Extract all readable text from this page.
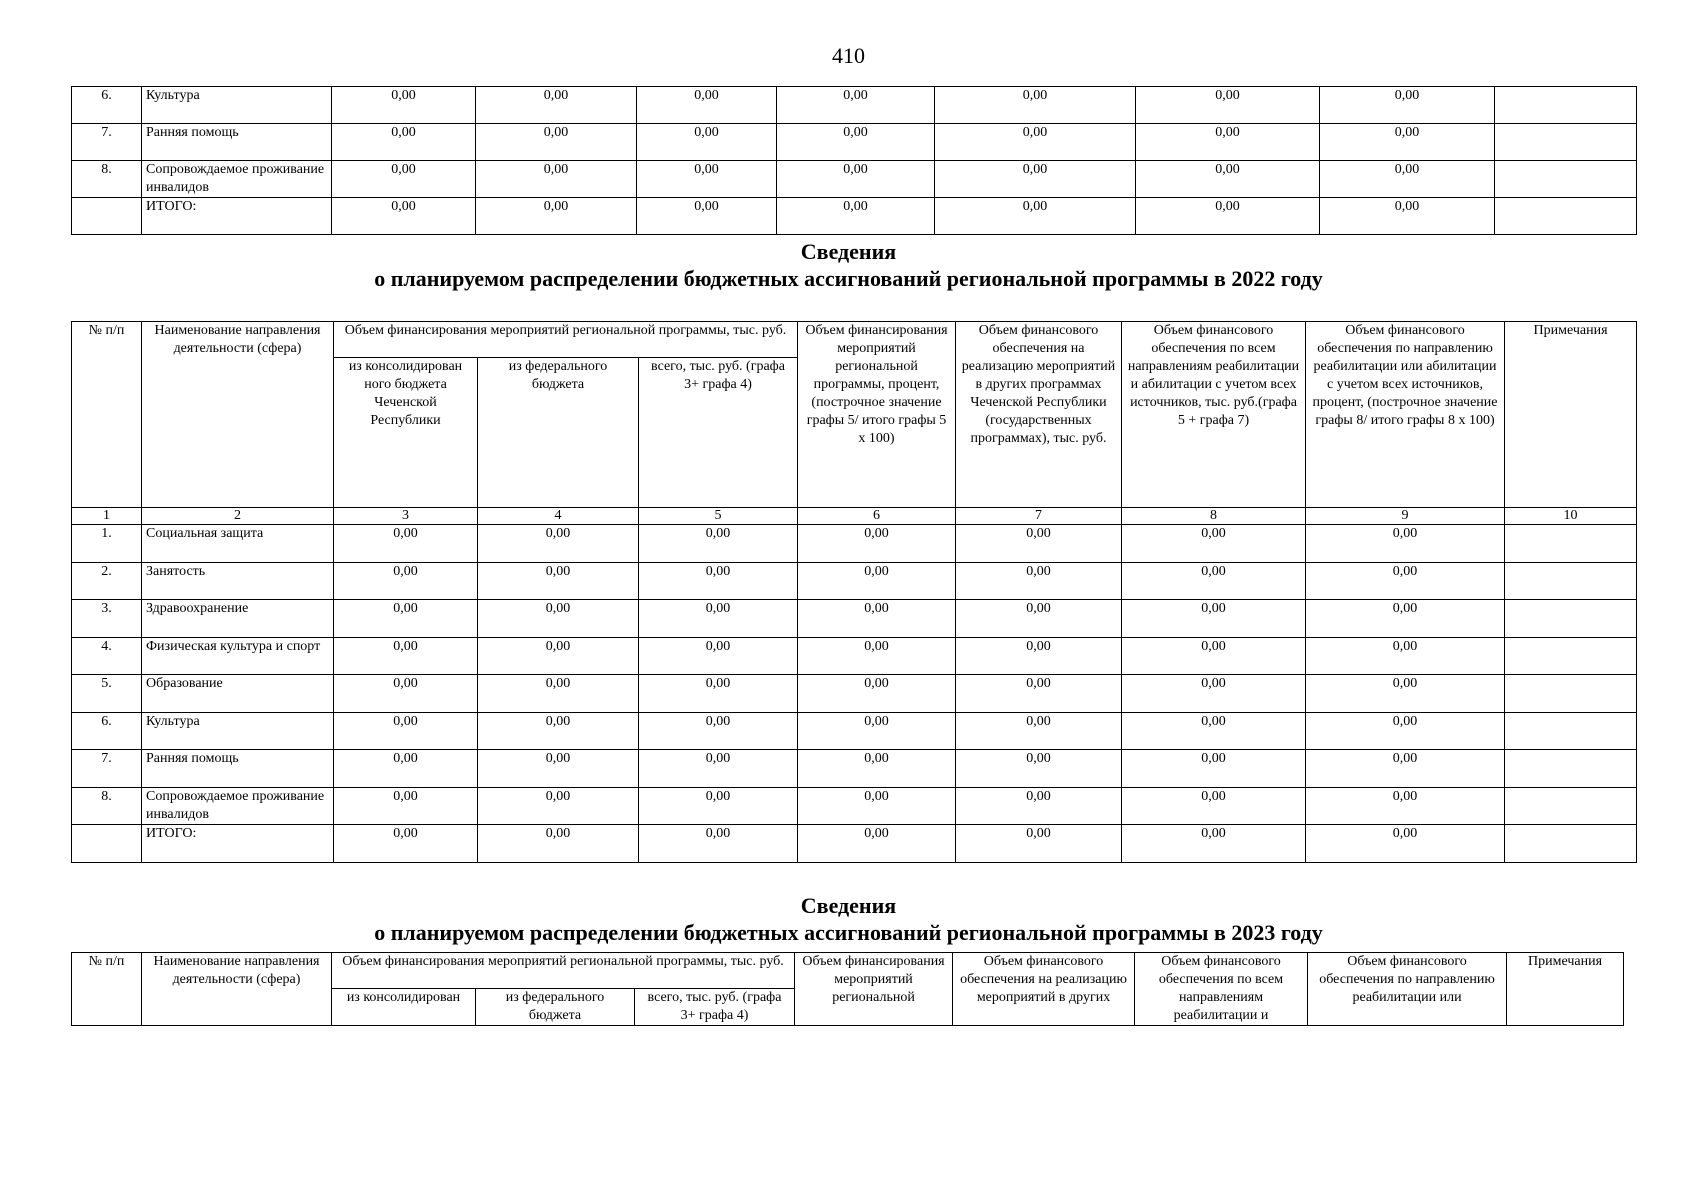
410
6.	Культура	0,00	0,00	0,00	0,00	0,00	0,00	0,00	
7.	Ранняя помощь	0,00	0,00	0,00	0,00	0,00	0,00	0,00	
8.	Сопровождаемое проживание инвалидов	0,00	0,00	0,00	0,00	0,00	0,00	0,00	
	ИТОГО:	0,00	0,00	0,00	0,00	0,00	0,00	0,00	
Сведения
о планируемом распределении бюджетных ассигнований региональной программы в 2022 году
№ п/п	Наименование направления деятельности (сфера)	Объем финансирования мероприятий региональной программы, тыс. руб.			Объем финансирования мероприятий региональной программы, процент, (построчное значение графы 5/ итого графы 5 х 100)	Объем финансового обеспечения на реализацию мероприятий в других программах Чеченской Республики (государственных программах), тыс. руб.	Объем финансового обеспечения по всем направлениям реабилитации и абилитации с учетом всех источников, тыс. руб.(графа 5 + графа 7)	Объем финансового обеспечения по направлению реабилитации или абилитации с учетом всех источников, процент, (построчное значение графы 8/ итого графы 8 х 100)	Примечания
		из консолидирован ного бюджета Чеченской Республики	из федерального бюджета	всего, тыс. руб. (графа 3+ графа 4)					
1	2	3	4	5	6	7	8	9	10
1.	Социальная защита	0,00	0,00	0,00	0,00	0,00	0,00	0,00	
2.	Занятость	0,00	0,00	0,00	0,00	0,00	0,00	0,00	
3.	Здравоохранение	0,00	0,00	0,00	0,00	0,00	0,00	0,00	
4.	Физическая культура и спорт	0,00	0,00	0,00	0,00	0,00	0,00	0,00	
5.	Образование	0,00	0,00	0,00	0,00	0,00	0,00	0,00	
6.	Культура	0,00	0,00	0,00	0,00	0,00	0,00	0,00	
7.	Ранняя помощь	0,00	0,00	0,00	0,00	0,00	0,00	0,00	
8.	Сопровождаемое проживание инвалидов	0,00	0,00	0,00	0,00	0,00	0,00	0,00	
	ИТОГО:	0,00	0,00	0,00	0,00	0,00	0,00	0,00	
Сведения
о планируемом распределении бюджетных ассигнований региональной программы в 2023 году
№ п/п	Наименование направления деятельности (сфера)	Объем финансирования мероприятий региональной программы, тыс. руб.			Объем финансирования мероприятий региональной	Объем финансового обеспечения на реализацию мероприятий в других	Объем финансового обеспечения по всем направлениям реабилитации и	Объем финансового обеспечения по направлению реабилитации или	Примечания
		из консолидирован	из федерального бюджета	всего, тыс. руб. (графа 3+ графа 4)					
